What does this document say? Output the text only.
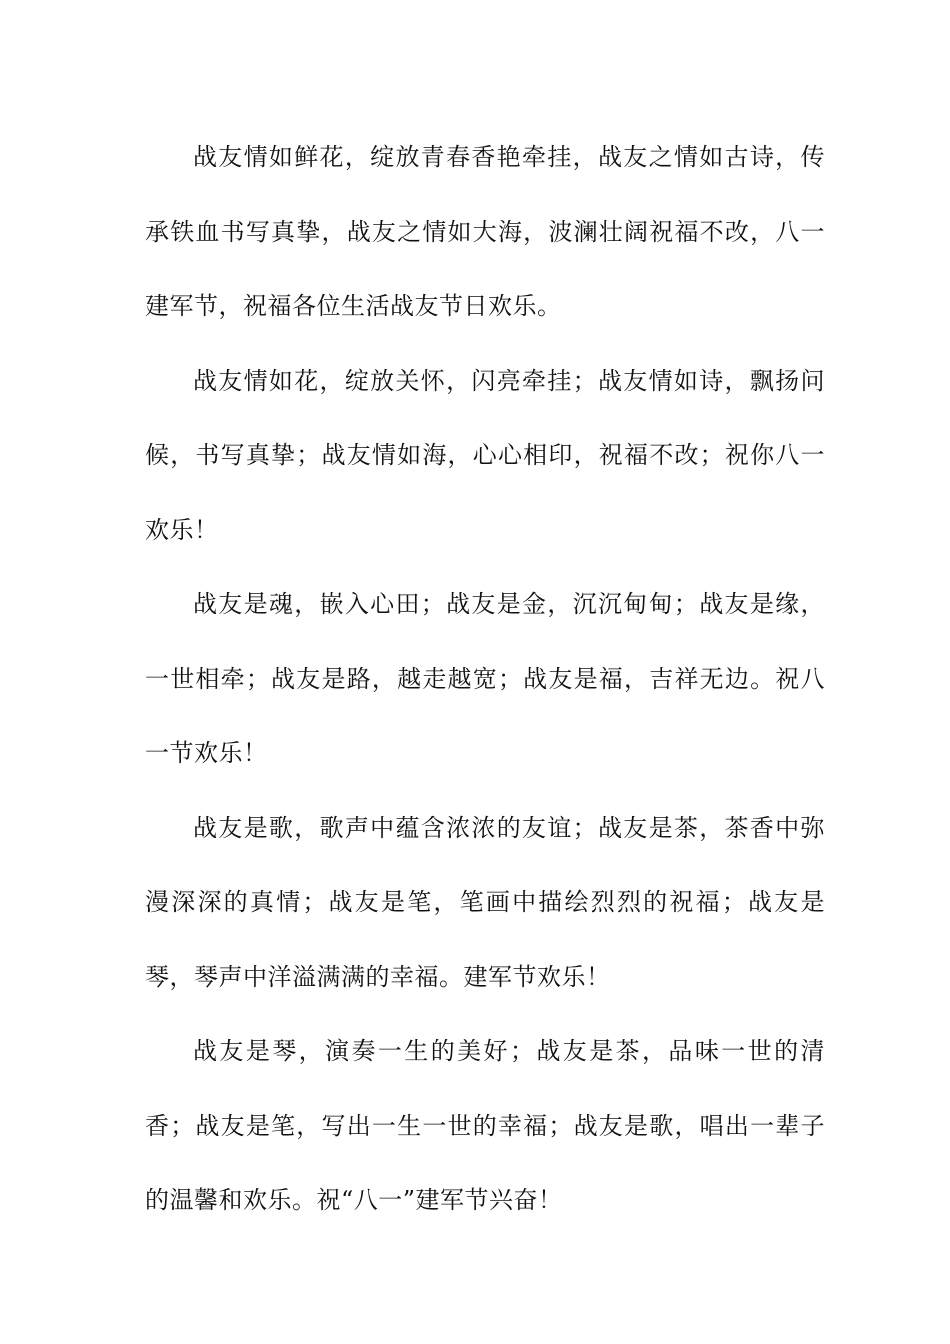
战友情如鲜花，绽放青春香艳牵挂，战友之情如古诗，传承铁血书写真挚，战友之情如大海，波澜壮阔祝福不改，八一建军节，祝福各位生活战友节日欢乐。

战友情如花，绽放关怀，闪亮牵挂；战友情如诗，飘扬问候，书写真挚；战友情如海，心心相印，祝福不改；祝你八一欢乐！

战友是魂，嵌入心田；战友是金，沉沉甸甸；战友是缘，一世相牵；战友是路，越走越宽；战友是福，吉祥无边。祝八一节欢乐！

战友是歌，歌声中蕴含浓浓的友谊；战友是茶，茶香中弥漫深深的真情；战友是笔，笔画中描绘烈烈的祝福；战友是琴，琴声中洋溢满满的幸福。建军节欢乐！

战友是琴，演奏一生的美好；战友是茶，品味一世的清香；战友是笔，写出一生一世的幸福；战友是歌，唱出一辈子的温馨和欢乐。祝“八一”建军节兴奋！
